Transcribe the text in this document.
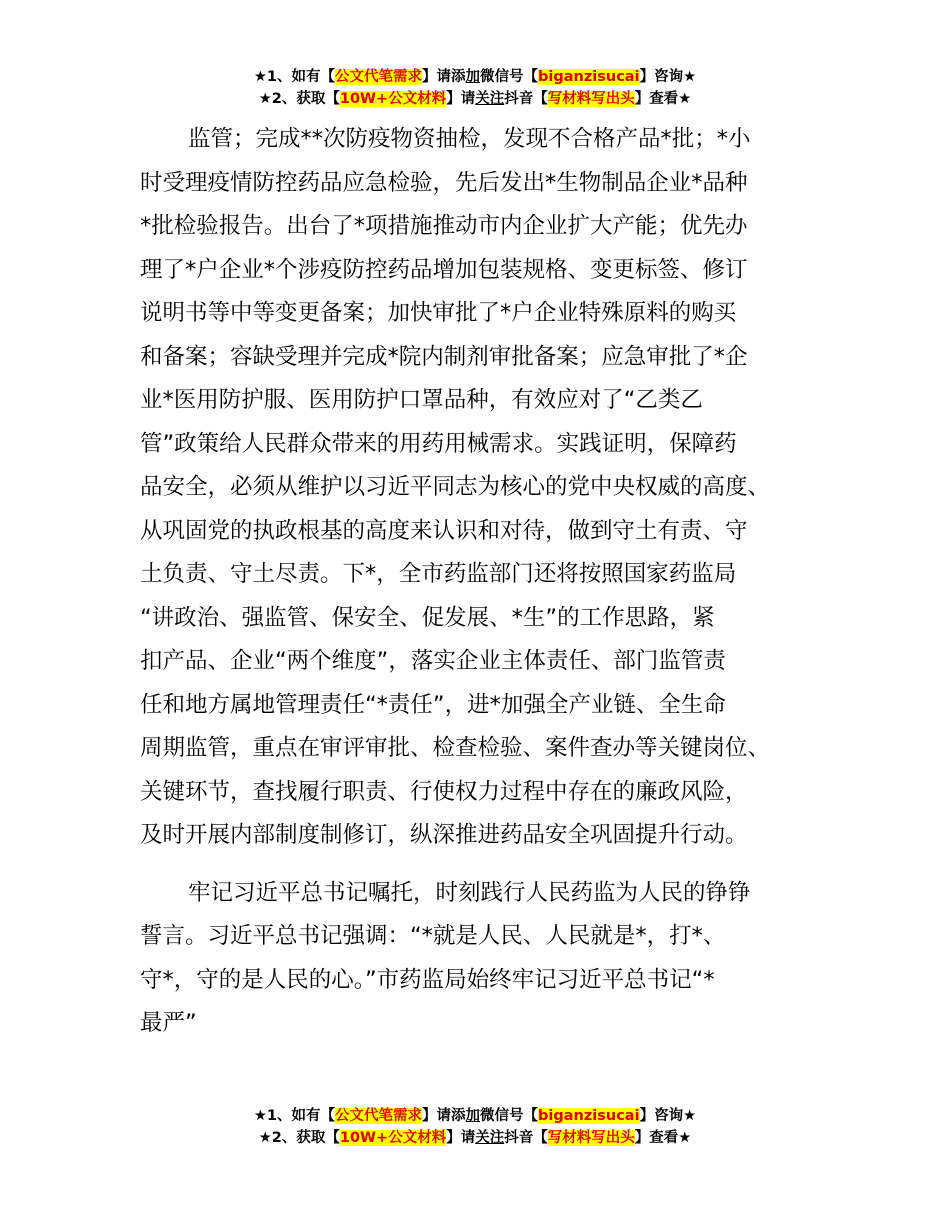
★1、如有【公文代笔需求】请添加微信号【biganzisucai】咨询★
★2、获取【10W+公文材料】请关注抖音【写材料写出头】查看★
监管；完成**次防疫物资抽检，发现不合格产品*批；*小
时受理疫情防控药品应急检验，先后发出*生物制品企业*品种
*批检验报告。出台了*项措施推动市内企业扩大产能；优先办
理了*户企业*个涉疫防控药品增加包装规格、变更标签、修订
说明书等中等变更备案；加快审批了*户企业特殊原料的购买
和备案；容缺受理并完成*院内制剂审批备案；应急审批了*企
业*医用防护服、医用防护口罩品种，有效应对了“乙类乙
管”政策给人民群众带来的用药用械需求。实践证明，保障药
品安全，必须从维护以习近平同志为核心的党中央权威的高度、
从巩固党的执政根基的高度来认识和对待，做到守土有责、守
土负责、守土尽责。下*，全市药监部门还将按照国家药监局
“讲政治、强监管、保安全、促发展、*生”的工作思路，紧
扣产品、企业“两个维度”，落实企业主体责任、部门监管责
任和地方属地管理责任“*责任”，进*加强全产业链、全生命
周期监管，重点在审评审批、检查检验、案件查办等关键岗位、
关键环节，查找履行职责、行使权力过程中存在的廉政风险，
及时开展内部制度制修订，纵深推进药品安全巩固提升行动。
牢记习近平总书记嘱托，时刻践行人民药监为人民的铮铮
誓言。习近平总书记强调：“*就是人民、人民就是*，打*、
守*，守的是人民的心。”市药监局始终牢记习近平总书记“*
最严”
★1、如有【公文代笔需求】请添加微信号【biganzisucai】咨询★
★2、获取【10W+公文材料】请关注抖音【写材料写出头】查看★
